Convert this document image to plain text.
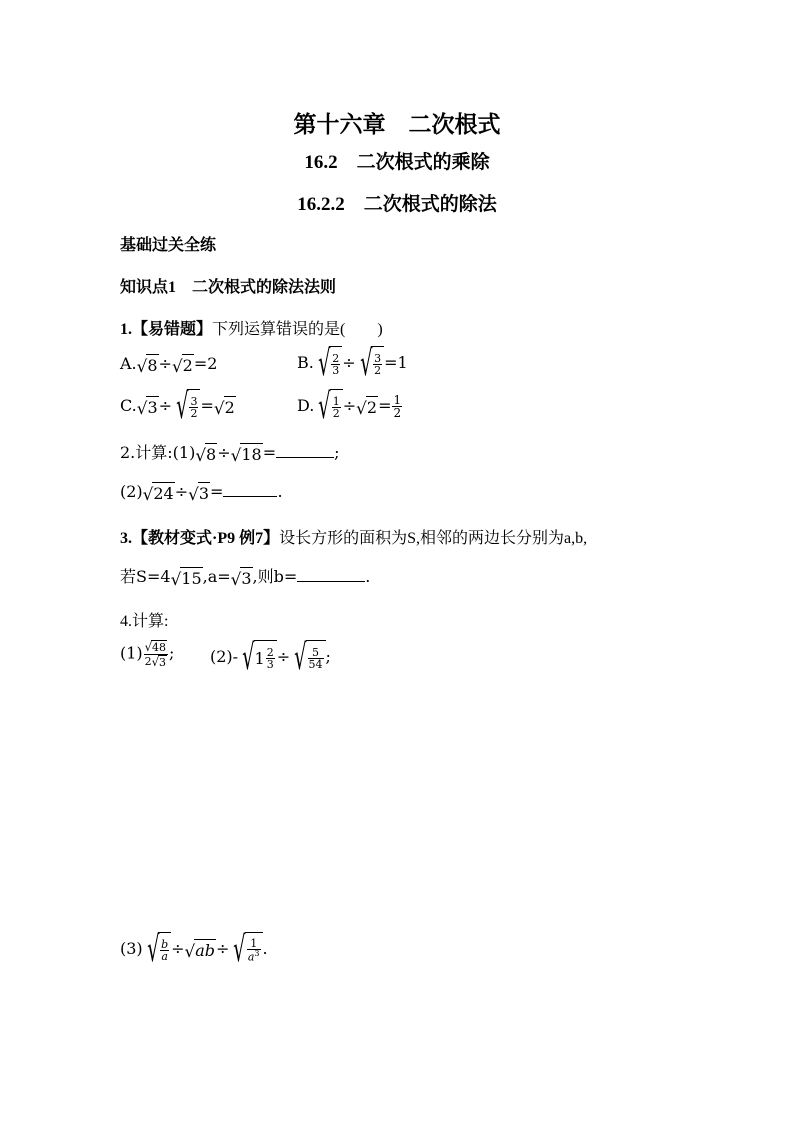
第十六章　二次根式
16.2　二次根式的乘除
16.2.2　二次根式的除法
基础过关全练
知识点1　二次根式的除法法则
1.【易错题】下列运算错误的是(　　)
A. √ 8 ÷ √ 2 =2	B. √ 2
3 ÷ √ 3
2 =1
C. √ 3 ÷ √ 3
2 = √ 2	D. √ 1
2 ÷ √ $2 = \frac{1}{2}$
2.计算:(1) √ 8 ÷ √ 18 =	;
(2) √ 24 ÷ √ 3 =	.
3.【教材变式·P9 例7】设长方形的面积为S,相邻的两边长分别为a,b,
若S=4 √ 15 ,a= √ 3 ,则b=	.
4.计算:
$(1) \frac{√ 48}{2 √ 3}$ ; (2)- √ 1 2
3 ÷ √ 5
54 ;
(3) √ b
a ÷ √ ab ÷ √ 1
$a^3$ .
